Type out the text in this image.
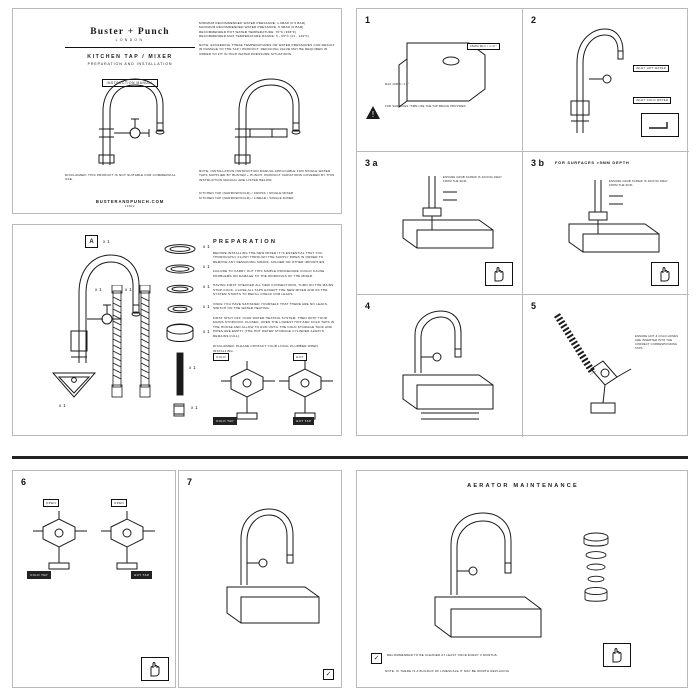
Buster + Punch
LONDON
KITCHEN TAP / MIXER
PREPARATION AND INSTALLATION
INSTRUCTION MANUAL
MINIMUM RECOMMENDED WATER PRESSURE: 1.0BAR (0.5 BAR)
MAXIMUM RECOMMENDED WATER PRESSURE: 5.0BAR (5 BAR)
RECOMMENDED HOT WATER TEMPERATURE: 70°C (158°F)
RECOMMENDED MAX TEMPERATURE RANGE: 5 - 65°C (41 - 149°F)
NOTE: EXCEEDING THESE TEMPERATURES OR WATER PRESSURES CAN RESULT IN DAMAGE TO THE TAP / PRODUCT, REDUCING VALVE MAY BE REQUIRED IN ORDER TO FIT IN HIGH WATER PRESSURE SITUATIONS.
DISCLAIMER: THIS PRODUCT IS NOT SUITABLE FOR COMMERCIAL USE.
NOTE: INSTALLATION INSTRUCTION MANUAL APPLICABLE FOR SINGLE WATER TAPS SUPPLIED BY BUSTER + PUNCH. PRODUCT VARIATIONS COVERED BY THIS INSTRUCTION MANUAL ARE LISTED BELOW:
KITCHEN TAP (NARROW/COLD) / CROSS / SINGLE MIXER
KITCHEN TAP (NARROW/COLD) / LINEAR / SINGLE MIXER
BUSTERANDPUNCH.COM
10822
A	x 1
x 1
x 1	x 1
x 1
x 1
x 1
x 1
x 1
x 1
x 1
PREPARATION
BEFORE INSTALLING THE NEW MIXER IT IS ESSENTIAL THAT YOU THOROUGHLY FLUSH THROUGH THE SUPPLY PIPES IN ORDER TO REMOVE ANY REMAINING SWARF, SOLDER OR OTHER IMPURITIES.
FAILURE TO CARRY OUT THIS SIMPLE PROCEDURE COULD CAUSE PROBLEMS OR DAMAGE TO THE WORKINGS OF THE MIXER.
HAVING FIRST CHECKED ALL NEW CONNECTIONS, TURN ON THE MAINS STOP-COCK. CLOSE ALL TAPS EXCEPT THE NEW MIXER AND AS THE SYSTEM STARTS TO REFILL CHECK FOR LEAKS.
ONCE YOU HAVE SATISFIED YOURSELF THAT THERE ARE NO LEAKS, SWITCH ON THE WATER HEATING.
FIRST SHUT OFF YOUR WATER HEATING SYSTEM, THEN WITH YOUR MAINS STOPCOCK CLOSED, OPEN THE LOWEST HOT AND COLD TAPS IN THE HOUSE AND ALLOW TO RUN UNTIL THE COLD STORAGE TANK AND PIPES ARE EMPTY (THE HOT WATER STORAGE CYLINDER ALWAYS REMAINS FULL).
DISCLAIMER: PLEASE CONTACT YOUR LOCAL PLUMBER WHEN INSTALLING.
COLD
COLD TAP
HOT
HOT TAP
1
35MM MIN / 1.37"
MAX 40MM / 1.6"
!
FOR SURFACES <5MM USE THE TAP BRACE PROVIDED
2
INLET HOT WATER
INLET COLD WATER
3 a
ENSURE GRUB SCREW IS FACING AWAY FROM THE SINK.
3 b	FOR SURFACES >5MM DEPTH
ENSURE GRUB SCREW IS FACING AWAY FROM THE SINK.
4	5
ENSURE HOT & COLD HOSES ARE INSERTED INTO THE CORRECT CORRESPONDING TAPS.
6
OPEN
COLD TAP
OPEN
HOT TAP
7
✓
AERATOR MAINTENANCE
✓	RECOMMENDED TO BE CLEANED AT LEAST ONCE EVERY 3 MONTHS.
NOTE: IF THERE IS A BUILDUP OF LIMESCALE IT MAY BE WORTH REPLACING
